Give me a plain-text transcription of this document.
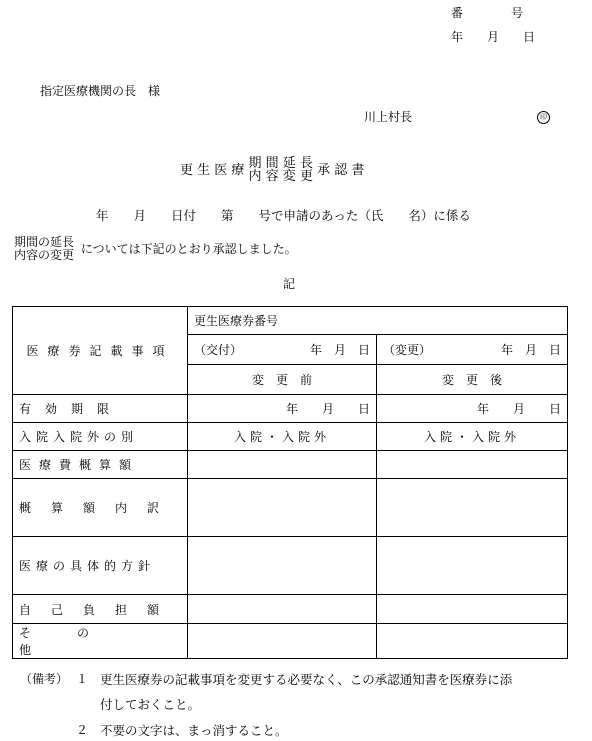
番　　　　号
年　　月　　日
指定医療機関の長　様
川上村長	印
更 生 医 療 期 間 延 長
内 容 変 更 承 認 書
年　　月　　日付　　第　　号で申請のあった（氏　　名）に係る
期間の延長
内容の変更 については下記のとおり承認しました。
記
医療券記載事項	更生医療券番号	
	（交付） 年　月　日	（変更） 年　月　日

	変　更　前	変　更　後
有効期限	年　　月　　日	年　　月　　日
入院入院外の別	入院・入院外	入院・入院外
医療費概算額		
概算額内訳		
医療の具体的方針		
自己負担額		
その他		
（備考） １ 更生医療券の記載事項を変更する必要なく、この承認通知書を医療券に添
付しておくこと。
２ 不要の文字は、まっ消すること。
